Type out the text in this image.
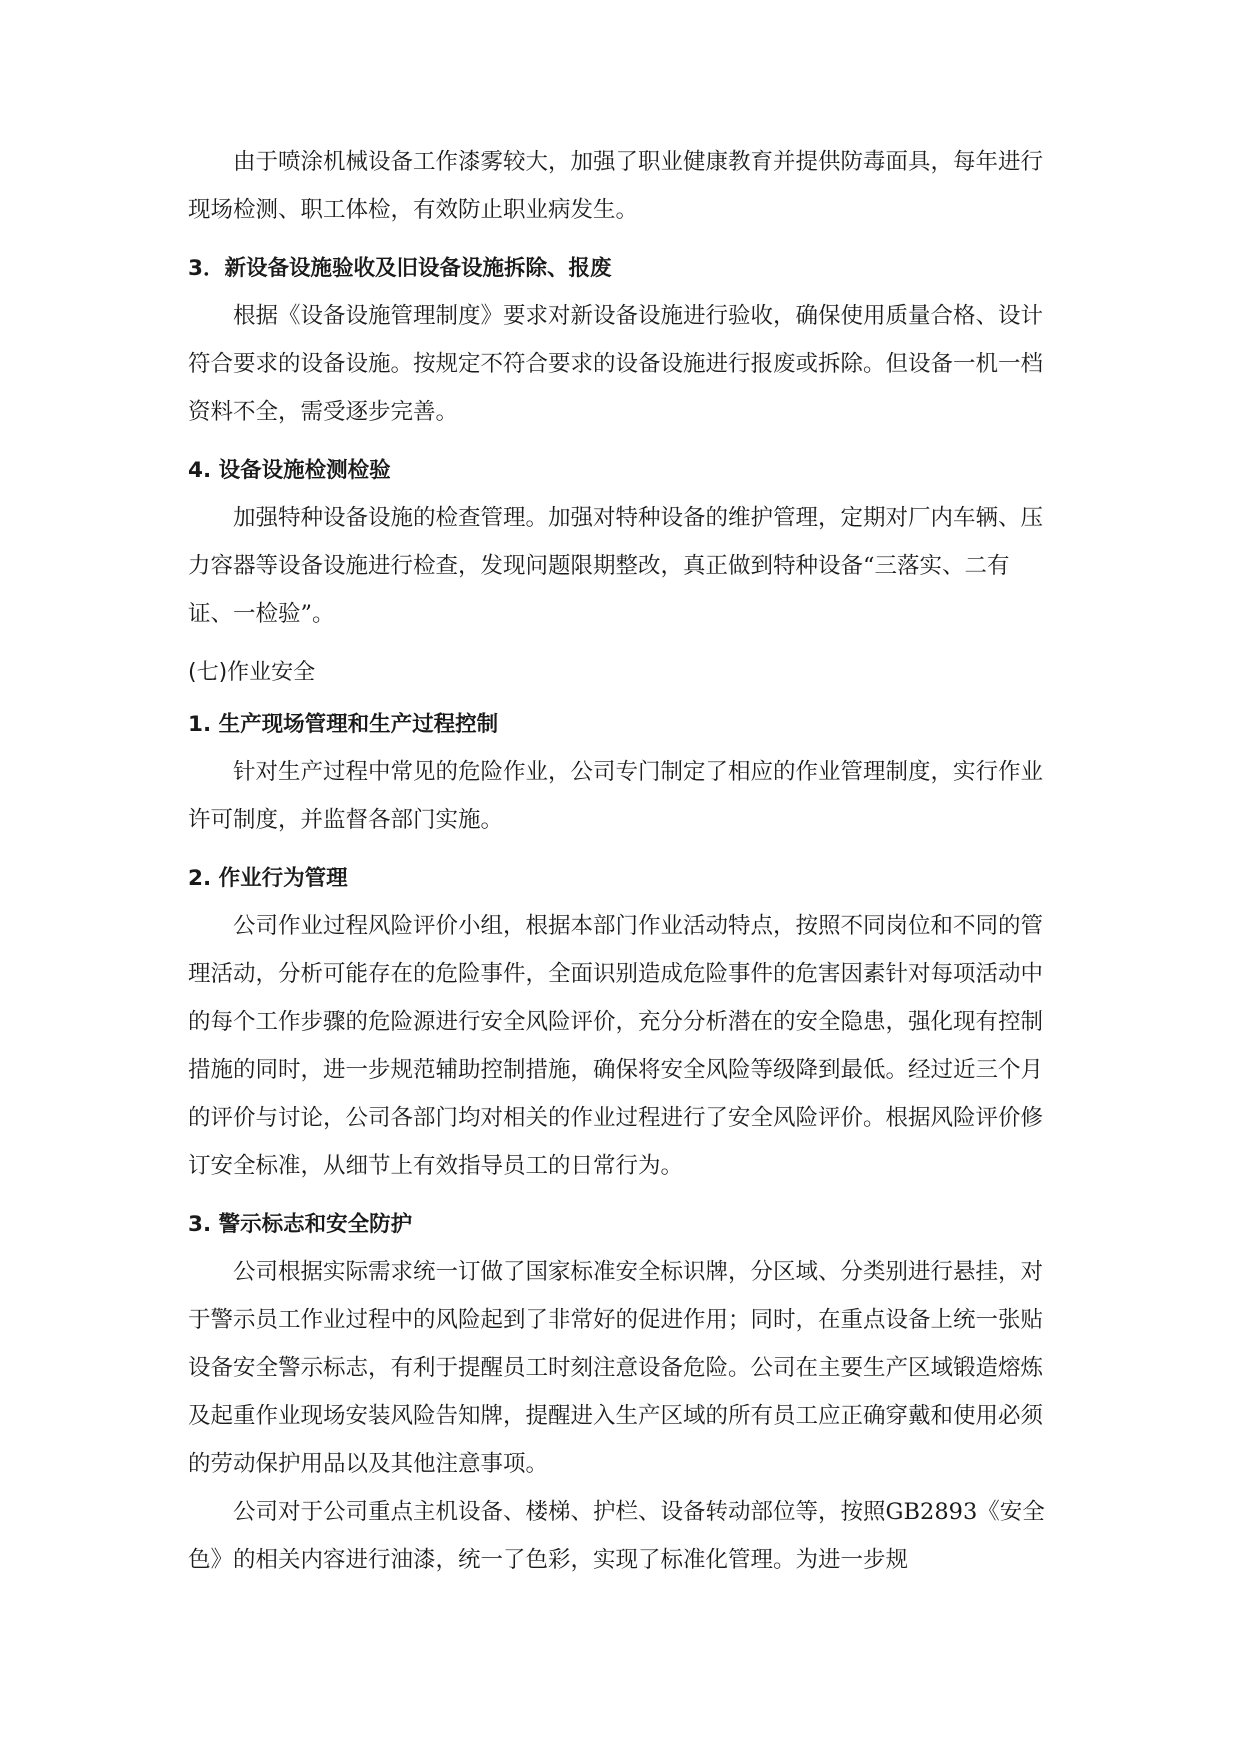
由于喷涂机械设备工作漆雾较大，加强了职业健康教育并提供防毒面具，每年进行现场检测、职工体检，有效防止职业病发生。

3．新设备设施验收及旧设备设施拆除、报废

根据《设备设施管理制度》要求对新设备设施进行验收，确保使用质量合格、设计符合要求的设备设施。按规定不符合要求的设备设施进行报废或拆除。但设备一机一档资料不全，需受逐步完善。

4. 设备设施检测检验

加强特种设备设施的检查管理。加强对特种设备的维护管理，定期对厂内车辆、压力容器等设备设施进行检查，发现问题限期整改，真正做到特种设备“三落实、二有证、一检验”。

(七)作业安全

1. 生产现场管理和生产过程控制

针对生产过程中常见的危险作业，公司专门制定了相应的作业管理制度，实行作业许可制度，并监督各部门实施。

2. 作业行为管理

公司作业过程风险评价小组，根据本部门作业活动特点，按照不同岗位和不同的管理活动，分析可能存在的危险事件，全面识别造成危险事件的危害因素针对每项活动中的每个工作步骤的危险源进行安全风险评价，充分分析潜在的安全隐患，强化现有控制措施的同时，进一步规范辅助控制措施，确保将安全风险等级降到最低。经过近三个月的评价与讨论，公司各部门均对相关的作业过程进行了安全风险评价。根据风险评价修订安全标准，从细节上有效指导员工的日常行为。

3. 警示标志和安全防护

公司根据实际需求统一订做了国家标准安全标识牌，分区域、分类别进行悬挂，对于警示员工作业过程中的风险起到了非常好的促进作用；同时，在重点设备上统一张贴设备安全警示标志，有利于提醒员工时刻注意设备危险。公司在主要生产区域锻造熔炼及起重作业现场安装风险告知牌，提醒进入生产区域的所有员工应正确穿戴和使用必须的劳动保护用品以及其他注意事项。

公司对于公司重点主机设备、楼梯、护栏、设备转动部位等，按照GB2893《安全色》的相关内容进行油漆，统一了色彩，实现了标准化管理。为进一步规
